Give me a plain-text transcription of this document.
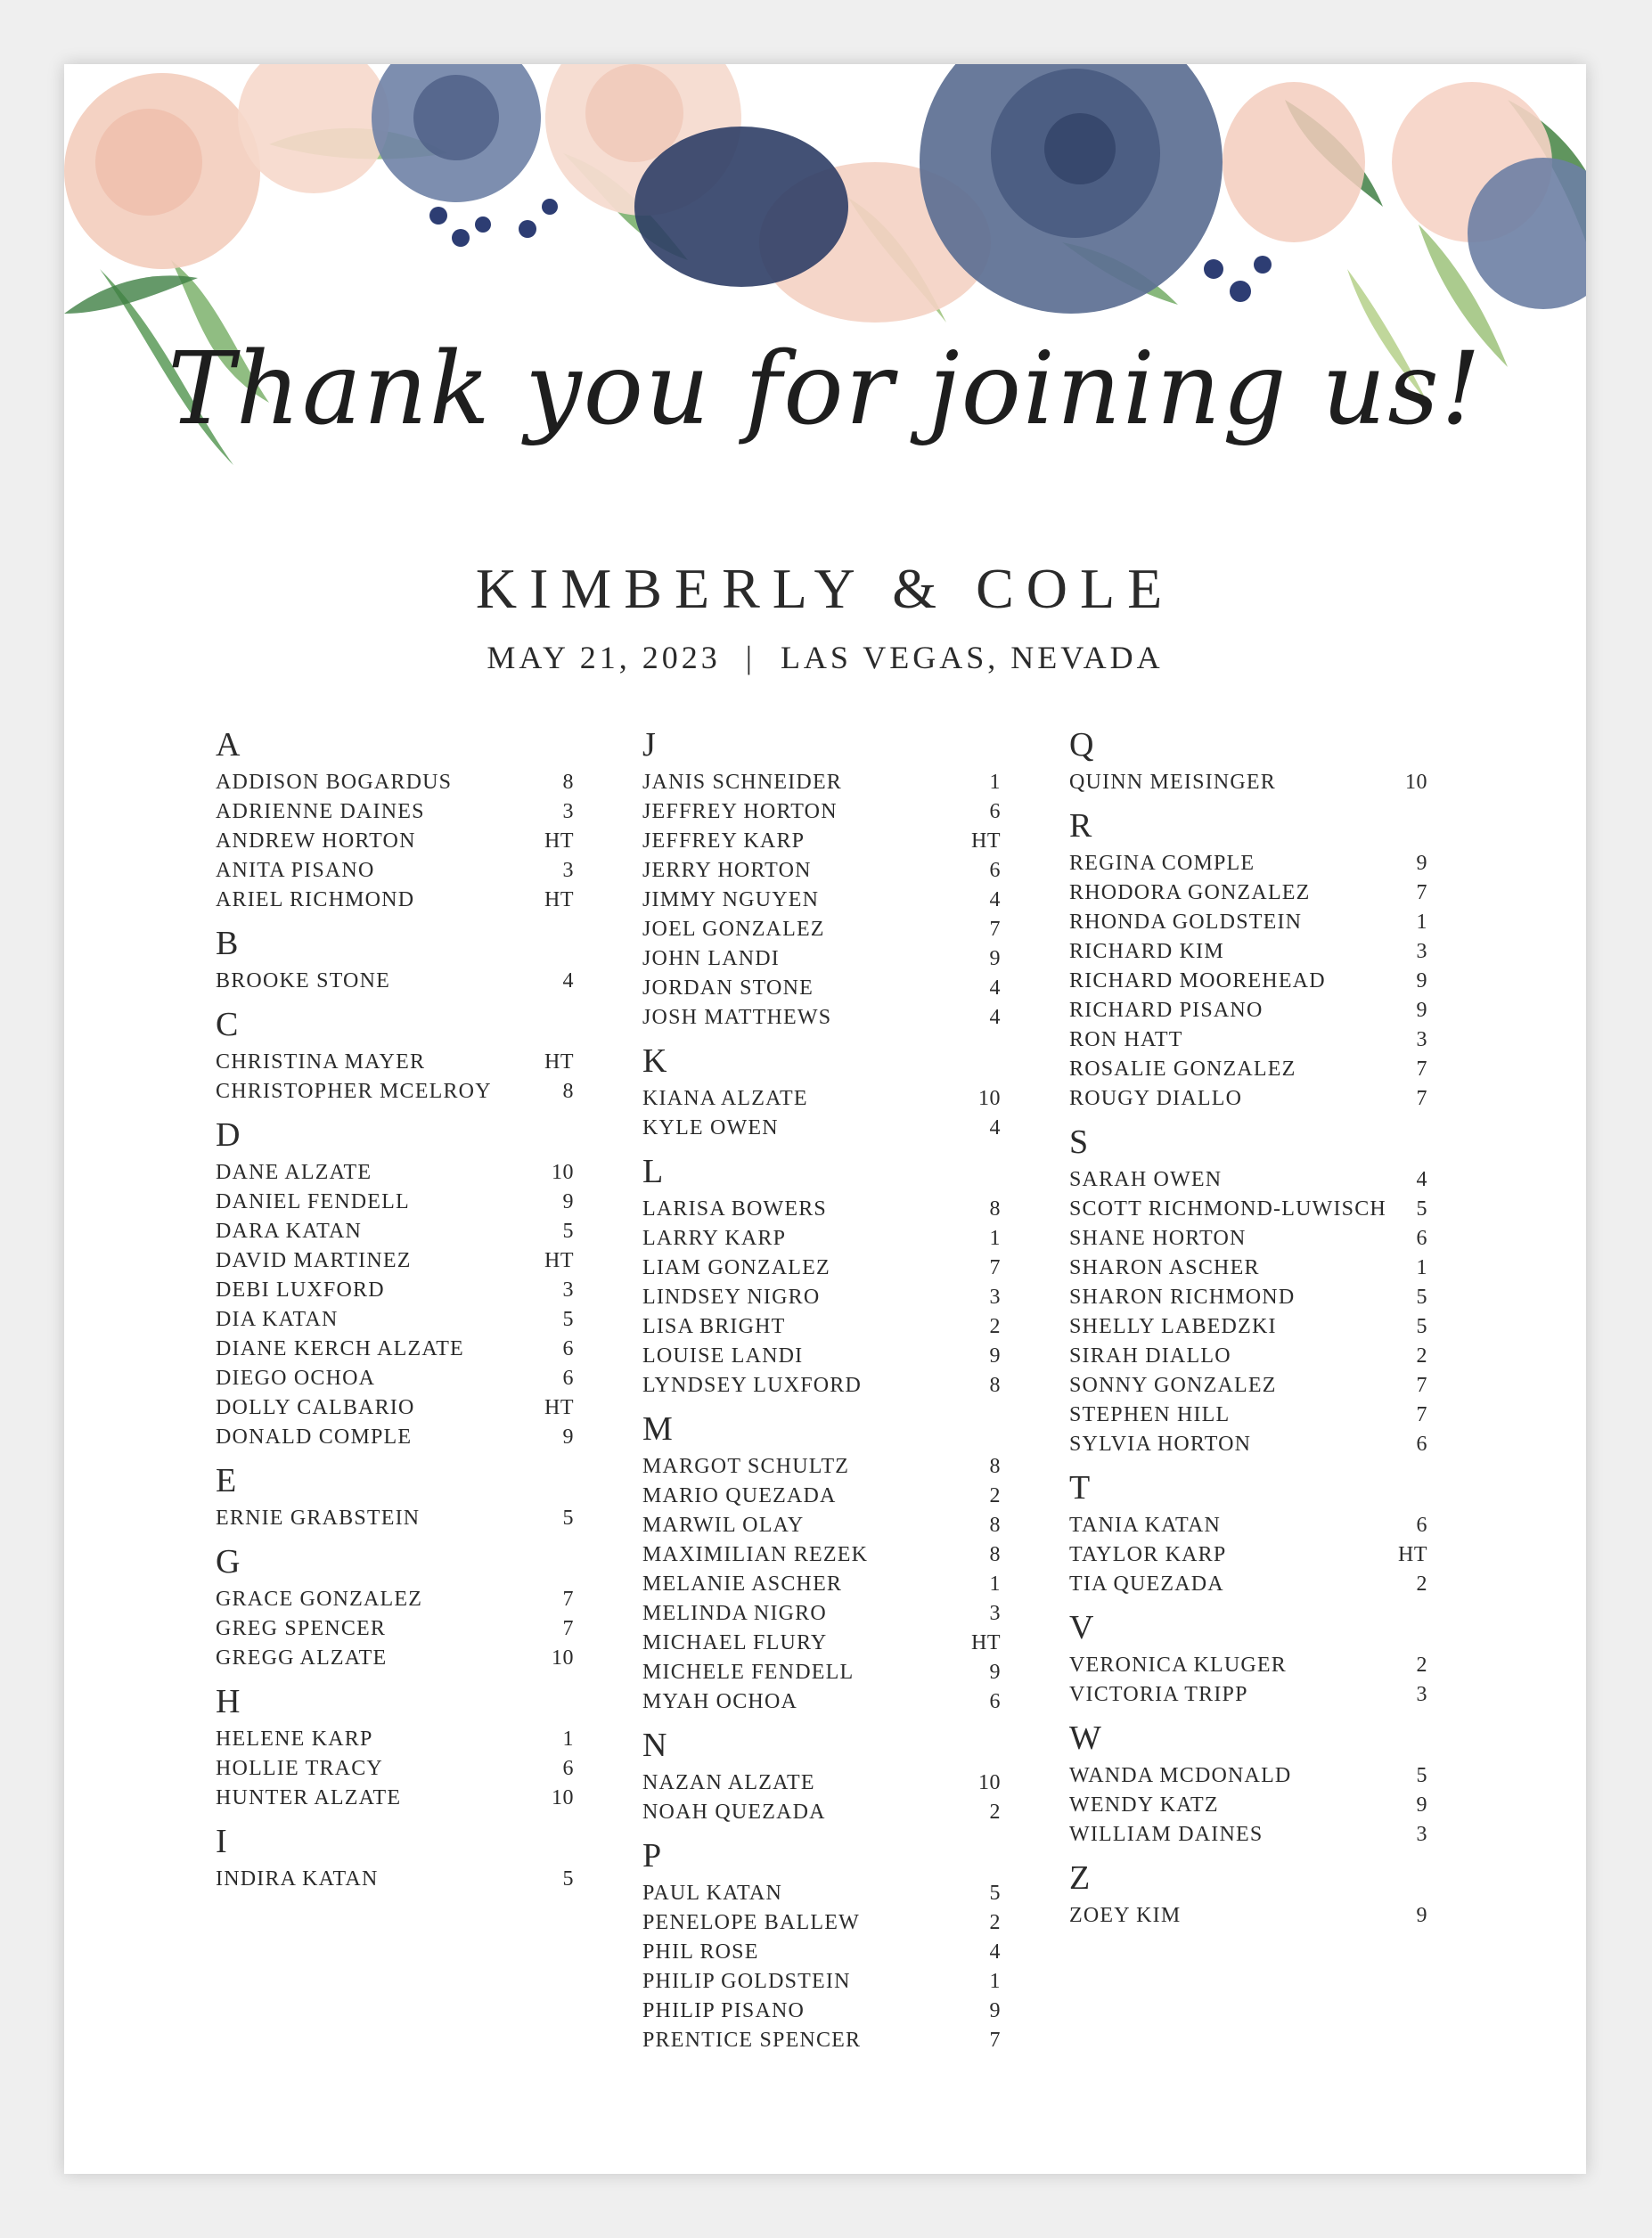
Thank you for joining us!
KIMBERLY & COLE
MAY 21, 2023 | LAS VEGAS, NEVADA
A
ADDISON BOGARDUS	8
ADRIENNE DAINES	3
ANDREW HORTON	HT
ANITA PISANO	3
ARIEL RICHMOND	HT
B
BROOKE STONE	4
C
CHRISTINA MAYER	HT
CHRISTOPHER MCELROY	8
D
DANE ALZATE	10
DANIEL FENDELL	9
DARA KATAN	5
DAVID MARTINEZ	HT
DEBI LUXFORD	3
DIA KATAN	5
DIANE KERCH ALZATE	6
DIEGO OCHOA	6
DOLLY CALBARIO	HT
DONALD COMPLE	9
E
ERNIE GRABSTEIN	5
G
GRACE GONZALEZ	7
GREG SPENCER	7
GREGG ALZATE	10
H
HELENE KARP	1
HOLLIE TRACY	6
HUNTER ALZATE	10
I
INDIRA KATAN	5
J
JANIS SCHNEIDER	1
JEFFREY HORTON	6
JEFFREY KARP	HT
JERRY HORTON	6
JIMMY NGUYEN	4
JOEL GONZALEZ	7
JOHN LANDI	9
JORDAN STONE	4
JOSH MATTHEWS	4
K
KIANA ALZATE	10
KYLE OWEN	4
L
LARISA BOWERS	8
LARRY KARP	1
LIAM GONZALEZ	7
LINDSEY NIGRO	3
LISA BRIGHT	2
LOUISE LANDI	9
LYNDSEY LUXFORD	8
M
MARGOT SCHULTZ	8
MARIO QUEZADA	2
MARWIL OLAY	8
MAXIMILIAN REZEK	8
MELANIE ASCHER	1
MELINDA NIGRO	3
MICHAEL FLURY	HT
MICHELE FENDELL	9
MYAH OCHOA	6
N
NAZAN ALZATE	10
NOAH QUEZADA	2
P
PAUL KATAN	5
PENELOPE BALLEW	2
PHIL ROSE	4
PHILIP GOLDSTEIN	1
PHILIP PISANO	9
PRENTICE SPENCER	7
Q
QUINN MEISINGER	10
R
REGINA COMPLE	9
RHODORA GONZALEZ	7
RHONDA GOLDSTEIN	1
RICHARD KIM	3
RICHARD MOOREHEAD	9
RICHARD PISANO	9
RON HATT	3
ROSALIE GONZALEZ	7
ROUGY DIALLO	7
S
SARAH OWEN	4
SCOTT RICHMOND-LUWISCH 5
SHANE HORTON	6
SHARON ASCHER	1
SHARON RICHMOND	5
SHELLY LABEDZKI	5
SIRAH DIALLO	2
SONNY GONZALEZ	7
STEPHEN HILL	7
SYLVIA HORTON	6
T
TANIA KATAN	6
TAYLOR KARP	HT
TIA QUEZADA	2
V
VERONICA KLUGER	2
VICTORIA TRIPP	3
W
WANDA MCDONALD	5
WENDY KATZ	9
WILLIAM DAINES	3
Z
ZOEY KIM	9
